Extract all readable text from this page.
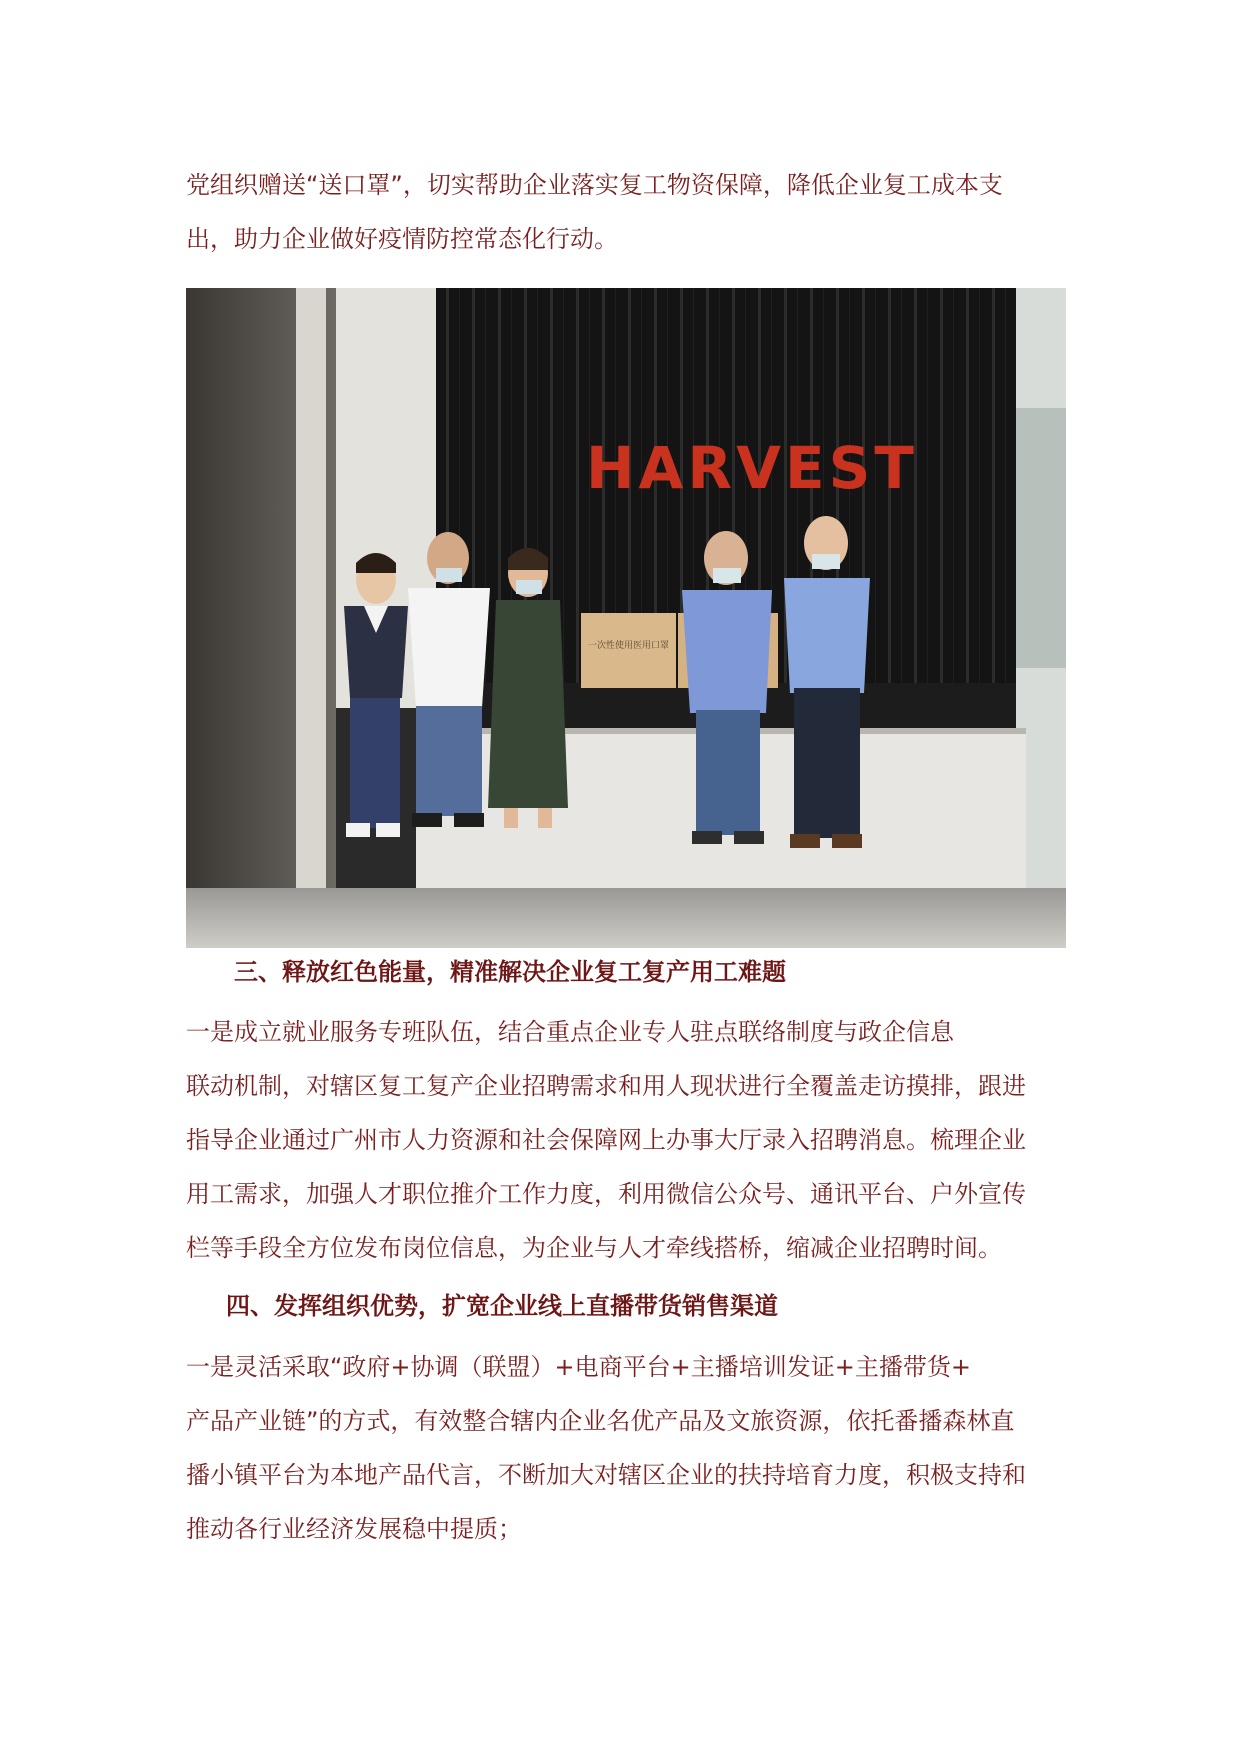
党组织赠送“送口罩”，切实帮助企业落实复工物资保障，降低企业复工成本支
出，助力企业做好疫情防控常态化行动。
HARVEST
一次性使用医用口罩

三、释放红色能量，精准解决企业复工复产用工难题

一是成立就业服务专班队伍，结合重点企业专人驻点联络制度与政企信息
联动机制，对辖区复工复产企业招聘需求和用人现状进行全覆盖走访摸排，跟进
指导企业通过广州市人力资源和社会保障网上办事大厅录入招聘消息。梳理企业
用工需求，加强人才职位推介工作力度，利用微信公众号、通讯平台、户外宣传
栏等手段全方位发布岗位信息，为企业与人才牵线搭桥，缩减企业招聘时间。

四、发挥组织优势，扩宽企业线上直播带货销售渠道

一是灵活采取“政府+协调（联盟）+电商平台+主播培训发证+主播带货+
产品产业链”的方式，有效整合辖内企业名优产品及文旅资源，依托番播森林直
播小镇平台为本地产品代言，不断加大对辖区企业的扶持培育力度，积极支持和
推动各行业经济发展稳中提质；
